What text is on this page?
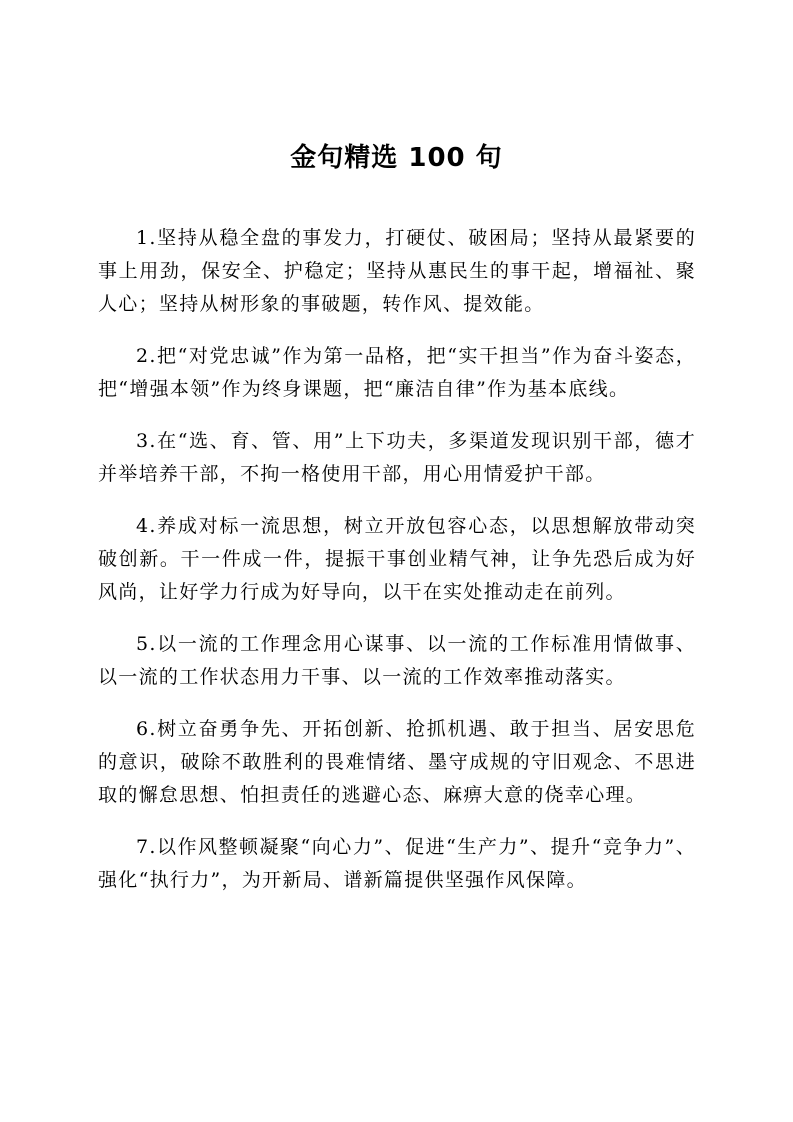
金句精选 100 句

1.坚持从稳全盘的事发力，打硬仗、破困局；坚持从最紧要的事上用劲，保安全、护稳定；坚持从惠民生的事干起，增福祉、聚人心；坚持从树形象的事破题，转作风、提效能。

2.把“对党忠诚”作为第一品格，把“实干担当”作为奋斗姿态，把“增强本领”作为终身课题，把“廉洁自律”作为基本底线。

3.在“选、育、管、用”上下功夫，多渠道发现识别干部，德才并举培养干部，不拘一格使用干部，用心用情爱护干部。

4.养成对标一流思想，树立开放包容心态，以思想解放带动突破创新。干一件成一件，提振干事创业精气神，让争先恐后成为好风尚，让好学力行成为好导向，以干在实处推动走在前列。

5.以一流的工作理念用心谋事、以一流的工作标准用情做事、以一流的工作状态用力干事、以一流的工作效率推动落实。

6.树立奋勇争先、开拓创新、抢抓机遇、敢于担当、居安思危的意识，破除不敢胜利的畏难情绪、墨守成规的守旧观念、不思进取的懈怠思想、怕担责任的逃避心态、麻痹大意的侥幸心理。

7.以作风整顿凝聚“向心力”、促进“生产力”、提升“竞争力”、强化“执行力”，为开新局、谱新篇提供坚强作风保障。
